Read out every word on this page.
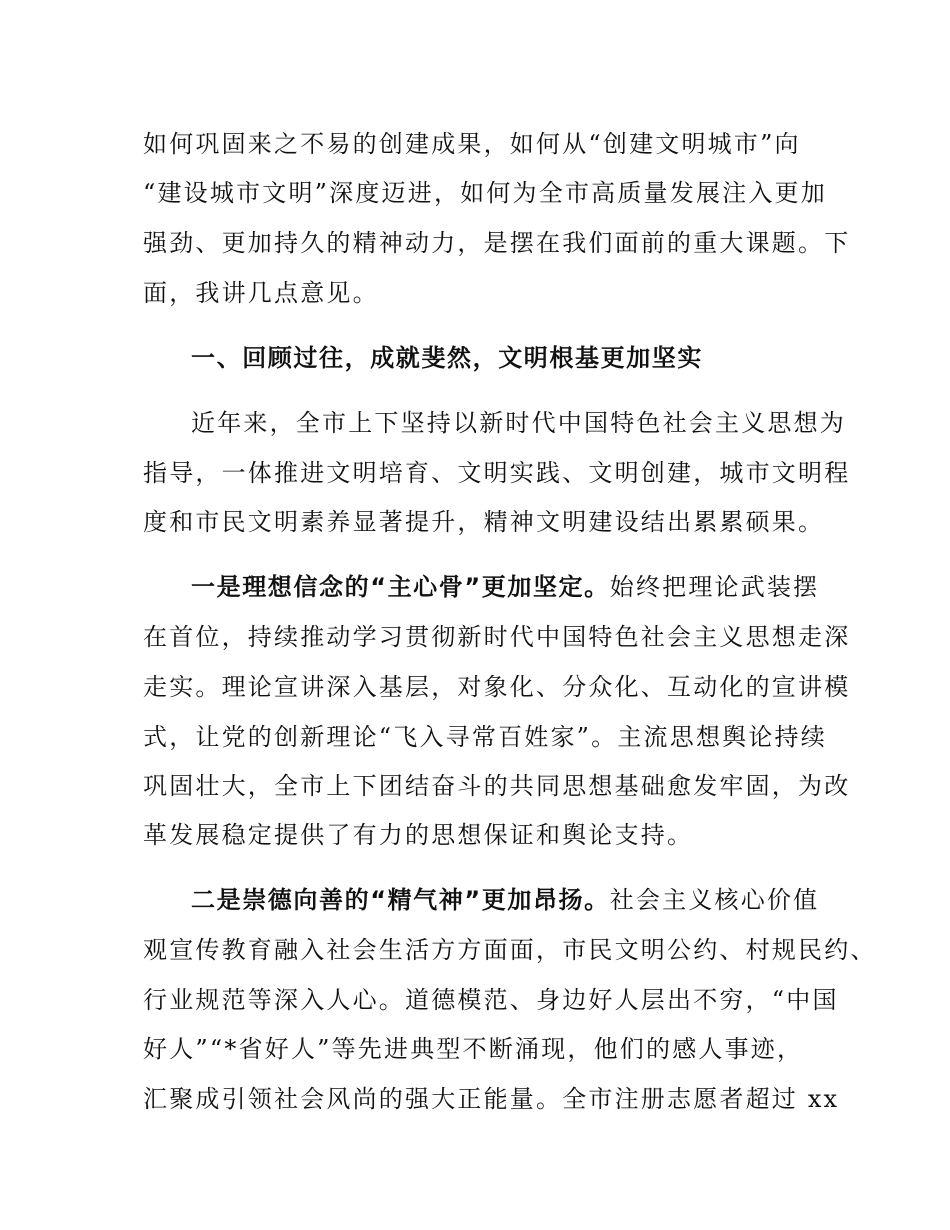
如何巩固来之不易的创建成果，如何从“创建文明城市”向
“建设城市文明”深度迈进，如何为全市高质量发展注入更加
强劲、更加持久的精神动力，是摆在我们面前的重大课题。下
面，我讲几点意见。
一、回顾过往，成就斐然，文明根基更加坚实
近年来，全市上下坚持以新时代中国特色社会主义思想为
指导，一体推进文明培育、文明实践、文明创建，城市文明程
度和市民文明素养显著提升，精神文明建设结出累累硕果。
一是理想信念的“主心骨”更加坚定。始终把理论武装摆
在首位，持续推动学习贯彻新时代中国特色社会主义思想走深
走实。理论宣讲深入基层，对象化、分众化、互动化的宣讲模
式，让党的创新理论“飞入寻常百姓家”。主流思想舆论持续
巩固壮大，全市上下团结奋斗的共同思想基础愈发牢固，为改
革发展稳定提供了有力的思想保证和舆论支持。
二是崇德向善的“精气神”更加昂扬。社会主义核心价值
观宣传教育融入社会生活方方面面，市民文明公约、村规民约、
行业规范等深入人心。道德模范、身边好人层出不穷，“中国
好人”“*省好人”等先进典型不断涌现，他们的感人事迹，
汇聚成引领社会风尚的强大正能量。全市注册志愿者超过 xx
